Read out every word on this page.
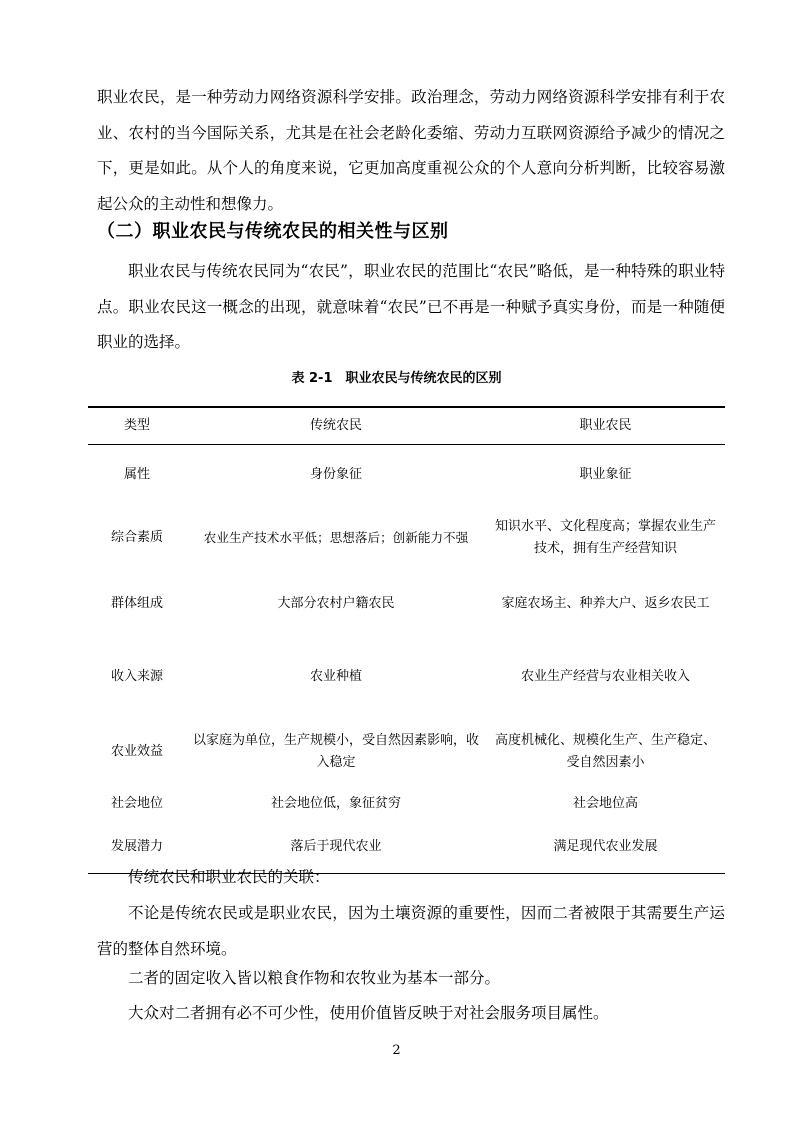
职业农民，是一种劳动力网络资源科学安排。政治理念，劳动力网络资源科学安排有利于农业、农村的当今国际关系，尤其是在社会老龄化委缩、劳动力互联网资源给予减少的情况之下，更是如此。从个人的角度来说，它更加高度重视公众的个人意向分析判断，比较容易激起公众的主动性和想像力。

（二）职业农民与传统农民的相关性与区别

职业农民与传统农民同为“农民”，职业农民的范围比“农民”略低，是一种特殊的职业特点。职业农民这一概念的出现，就意味着“农民”已不再是一种赋予真实身份，而是一种随便职业的选择。

表 2-1　职业农民与传统农民的区别

类型	传统农民	职业农民
属性	身份象征	职业象征
综合素质	农业生产技术水平低；思想落后；创新能力不强	知识水平、文化程度高；掌握农业生产技术，拥有生产经营知识
群体组成	大部分农村户籍农民	家庭农场主、种养大户、返乡农民工
收入来源	农业种植	农业生产经营与农业相关收入
农业效益	以家庭为单位，生产规模小，受自然因素影响，收入稳定	高度机械化、规模化生产、生产稳定、受自然因素小
社会地位	社会地位低，象征贫穷	社会地位高
发展潜力	落后于现代农业	满足现代农业发展

传统农民和职业农民的关联：

不论是传统农民或是职业农民，因为土壤资源的重要性，因而二者被限于其需要生产运营的整体自然环境。

二者的固定收入皆以粮食作物和农牧业为基本一部分。

大众对二者拥有必不可少性，使用价值皆反映于对社会服务项目属性。

2
